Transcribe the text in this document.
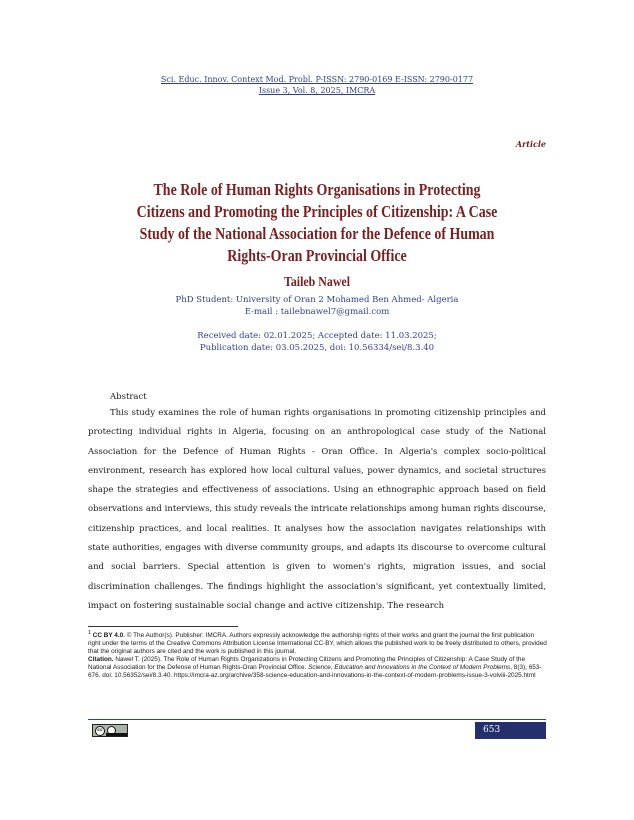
Sci. Educ. Innov. Context Mod. Probl. P-ISSN: 2790-0169 E-ISSN: 2790-0177
Issue 3, Vol. 8, 2025, IMCRA
Article
The Role of Human Rights Organisations in Protecting Citizens and Promoting the Principles of Citizenship: A Case Study of the National Association for the Defence of Human Rights-Oran Provincial Office
Taileb Nawel
PhD Student: University of Oran 2 Mohamed Ben Ahmed- Algeria
E-mail : tailebnawel7@gmail.com
Received date: 02.01.2025; Accepted date: 11.03.2025;
Publication date: 03.05.2025, doi: 10.56334/sei/8.3.40
Abstract
This study examines the role of human rights organisations in promoting citizenship principles and protecting individual rights in Algeria, focusing on an anthropological case study of the National Association for the Defence of Human Rights - Oran Office. In Algeria's complex socio-political environment, research has explored how local cultural values, power dynamics, and societal structures shape the strategies and effectiveness of associations. Using an ethnographic approach based on field observations and interviews, this study reveals the intricate relationships among human rights discourse, citizenship practices, and local realities. It analyses how the association navigates relationships with state authorities, engages with diverse community groups, and adapts its discourse to overcome cultural and social barriers. Special attention is given to women's rights, migration issues, and social discrimination challenges. The findings highlight the association's significant, yet contextually limited, impact on fostering sustainable social change and active citizenship. The research

$^1$ CC BY 4.0. © The Author(s). Publisher: IMCRA. Authors expressly acknowledge the authorship rights of their works and grant the journal the first publication right under the terms of the Creative Commons Attribution License International CC-BY, which allows the published work to be freely distributed to others, provided that the original authors are cited and the work is published in this journal.

Citation. Nawel T. (2025). The Role of Human Rights Organizations in Protecting Citizens and Promoting the Principles of Citizenship: A Case Study of the National Association for the Defense of Human Rights-Oran Provincial Office. Science, Education and Innovations in the Context of Modern Problems, 8(3), 653-676. doi: 10.56352/sei/8.3.40. https://imcra-az.org/archive/358-science-education-and-innovations-in-the-context-of-modern-problems-issue-3-volviii-2025.html

cc	653
